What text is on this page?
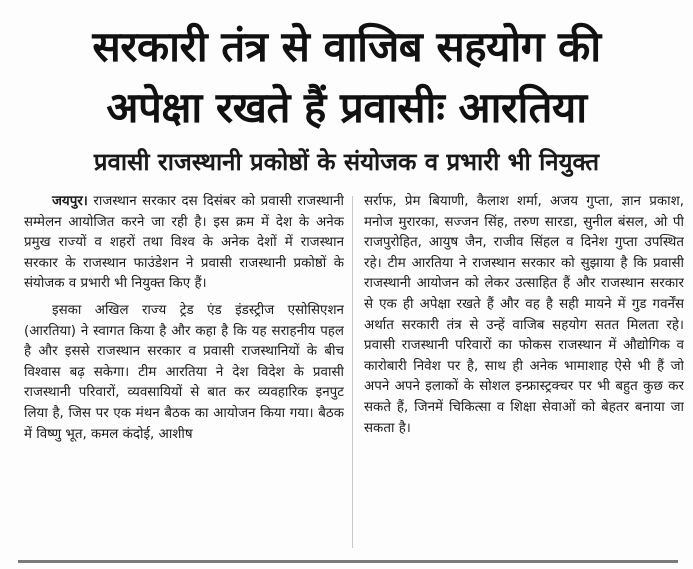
सरकारी तंत्र से वाजिब सहयोग की
अपेक्षा रखते हैं प्रवासीः आरतिया
प्रवासी राजस्थानी प्रकोष्ठों के संयोजक व प्रभारी भी नियुक्त

जयपुर। राजस्थान सरकार दस दिसंबर को प्रवासी राजस्थानी सम्मेलन आयोजित करने जा रही है। इस क्रम में देश के अनेक प्रमुख राज्यों व शहरों तथा विश्व के अनेक देशों में राजस्थान सरकार के राजस्थान फाउंडेशन ने प्रवासी राजस्थानी प्रकोष्ठों के संयोजक व प्रभारी भी नियुक्त किए हैं।

इसका अखिल राज्य ट्रेड एंड इंडस्ट्रीज एसोसिएशन (आरतिया) ने स्वागत किया है और कहा है कि यह सराहनीय पहल है और इससे राजस्थान सरकार व प्रवासी राजस्थानियों के बीच विश्वास बढ़ सकेगा। टीम आरतिया ने देश विदेश के प्रवासी राजस्थानी परिवारों, व्यवसायियों से बात कर व्यवहारिक इनपुट लिया है, जिस पर एक मंथन बैठक का आयोजन किया गया। बैठक में विष्णु भूत, कमल कंदोई, आशीष

सर्राफ, प्रेम बियाणी, कैलाश शर्मा, अजय गुप्ता, ज्ञान प्रकाश, मनोज मुरारका, सज्जन सिंह, तरुण सारडा, सुनील बंसल, ओ पी राजपुरोहित, आयुष जैन, राजीव सिंहल व दिनेश गुप्ता उपस्थित रहे। टीम आरतिया ने राजस्थान सरकार को सुझाया है कि प्रवासी राजस्थानी आयोजन को लेकर उत्साहित हैं और राजस्थान सरकार से एक ही अपेक्षा रखते हैं और वह है सही मायने में गुड गवर्नेंस अर्थात सरकारी तंत्र से उन्हें वाजिब सहयोग सतत मिलता रहे। प्रवासी राजस्थानी परिवारों का फोकस राजस्थान में औद्योगिक व कारोबारी निवेश पर है, साथ ही अनेक भामाशाह ऐसे भी हैं जो अपने अपने इलाकों के सोशल इन्फ्रास्ट्रक्चर पर भी बहुत कुछ कर सकते हैं, जिनमें चिकित्सा व शिक्षा सेवाओं को बेहतर बनाया जा सकता है।
